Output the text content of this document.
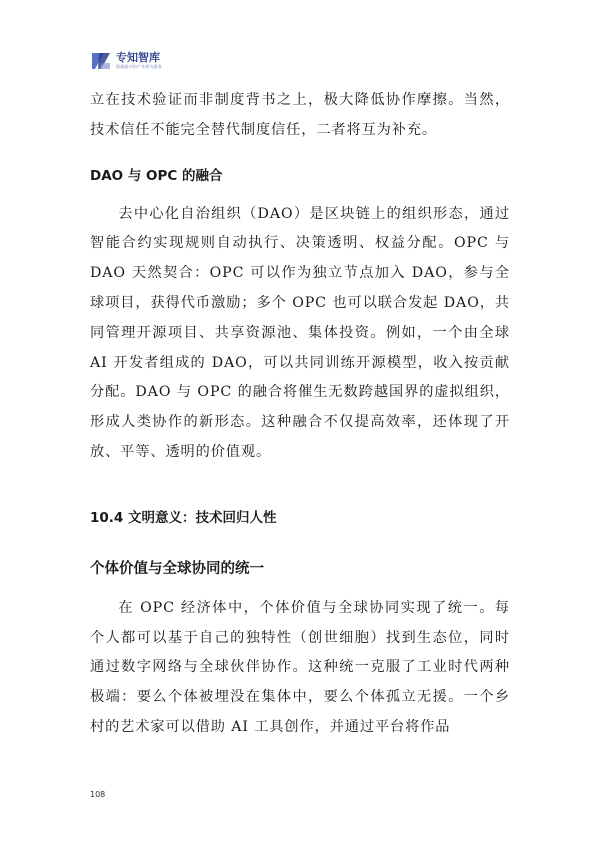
专知智库
数据驱动的产业研究服务

立在技术验证而非制度背书之上，极大降低协作摩擦。当然，技术信任不能完全替代制度信任，二者将互为补充。

DAO 与 OPC 的融合

去中心化自治组织（DAO）是区块链上的组织形态，通过智能合约实现规则自动执行、决策透明、权益分配。OPC 与 DAO 天然契合：OPC 可以作为独立节点加入 DAO，参与全球项目，获得代币激励；多个 OPC 也可以联合发起 DAO，共同管理开源项目、共享资源池、集体投资。例如，一个由全球 AI 开发者组成的 DAO，可以共同训练开源模型，收入按贡献分配。DAO 与 OPC 的融合将催生无数跨越国界的虚拟组织，形成人类协作的新形态。这种融合不仅提高效率，还体现了开放、平等、透明的价值观。

10.4 文明意义：技术回归人性
个体价值与全球协同的统一

在 OPC 经济体中，个体价值与全球协同实现了统一。每个人都可以基于自己的独特性（创世细胞）找到生态位，同时通过数字网络与全球伙伴协作。这种统一克服了工业时代两种极端：要么个体被埋没在集体中，要么个体孤立无援。一个乡村的艺术家可以借助 AI 工具创作，并通过平台将作品

108
